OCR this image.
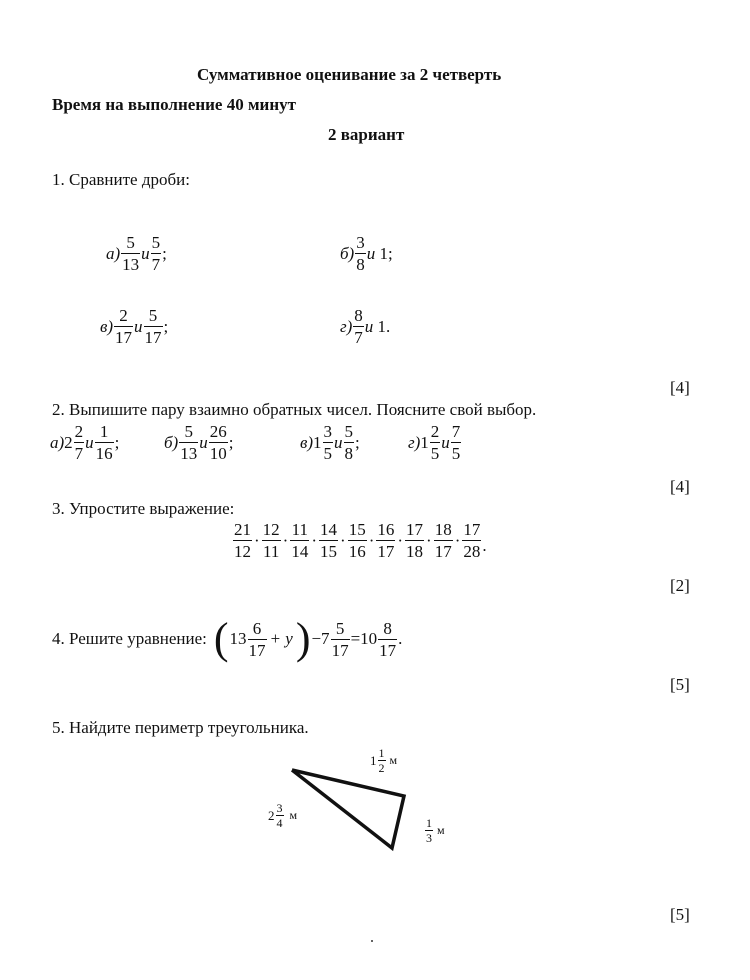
Суммативное оценивание за 2 четверть
Время на выполнение 40 минут
2 вариант
1. Сравните дроби:
$а) \frac{5}{13}$ и $\frac{5}{7}$ ;	$б) \frac{3}{8}$ и 1;
$в) \frac{2}{17}$ и $\frac{5}{17}$ ;	$г) \frac{8}{7}$ и 1.
[4]
2. Выпишите пару взаимно обратных чисел. Поясните свой выбор.
а) $2 \frac{2}{7}$ и $\frac{1}{16}$ ;	$б) \frac{5}{13}$ и $\frac{26}{10}$ ;	в) $1 \frac{3}{5}$ и $\frac{5}{8}$ ;	г) $1 \frac{2}{5}$ и $\frac{7}{5}$
[4]
3. Упростите выражение:
$\frac{21}{12} \cdot \frac{12}{11} \cdot \frac{11}{14} \cdot \frac{14}{15} \cdot \frac{15}{16} \cdot \frac{16}{17} \cdot \frac{17}{18} \cdot \frac{18}{17} \cdot \frac{17}{28}$ .
[2]
4. Решите уравнение: ( $13 \frac{6}{17} + y$ ) $-7 \frac{5}{17} =10 \frac{8}{17}$ .
[5]
5. Найдите периметр треугольника.
$1 \frac{1}{2}$ м
$2 \frac{3}{4}$ м
$\frac{1}{3}$ м
[5]
